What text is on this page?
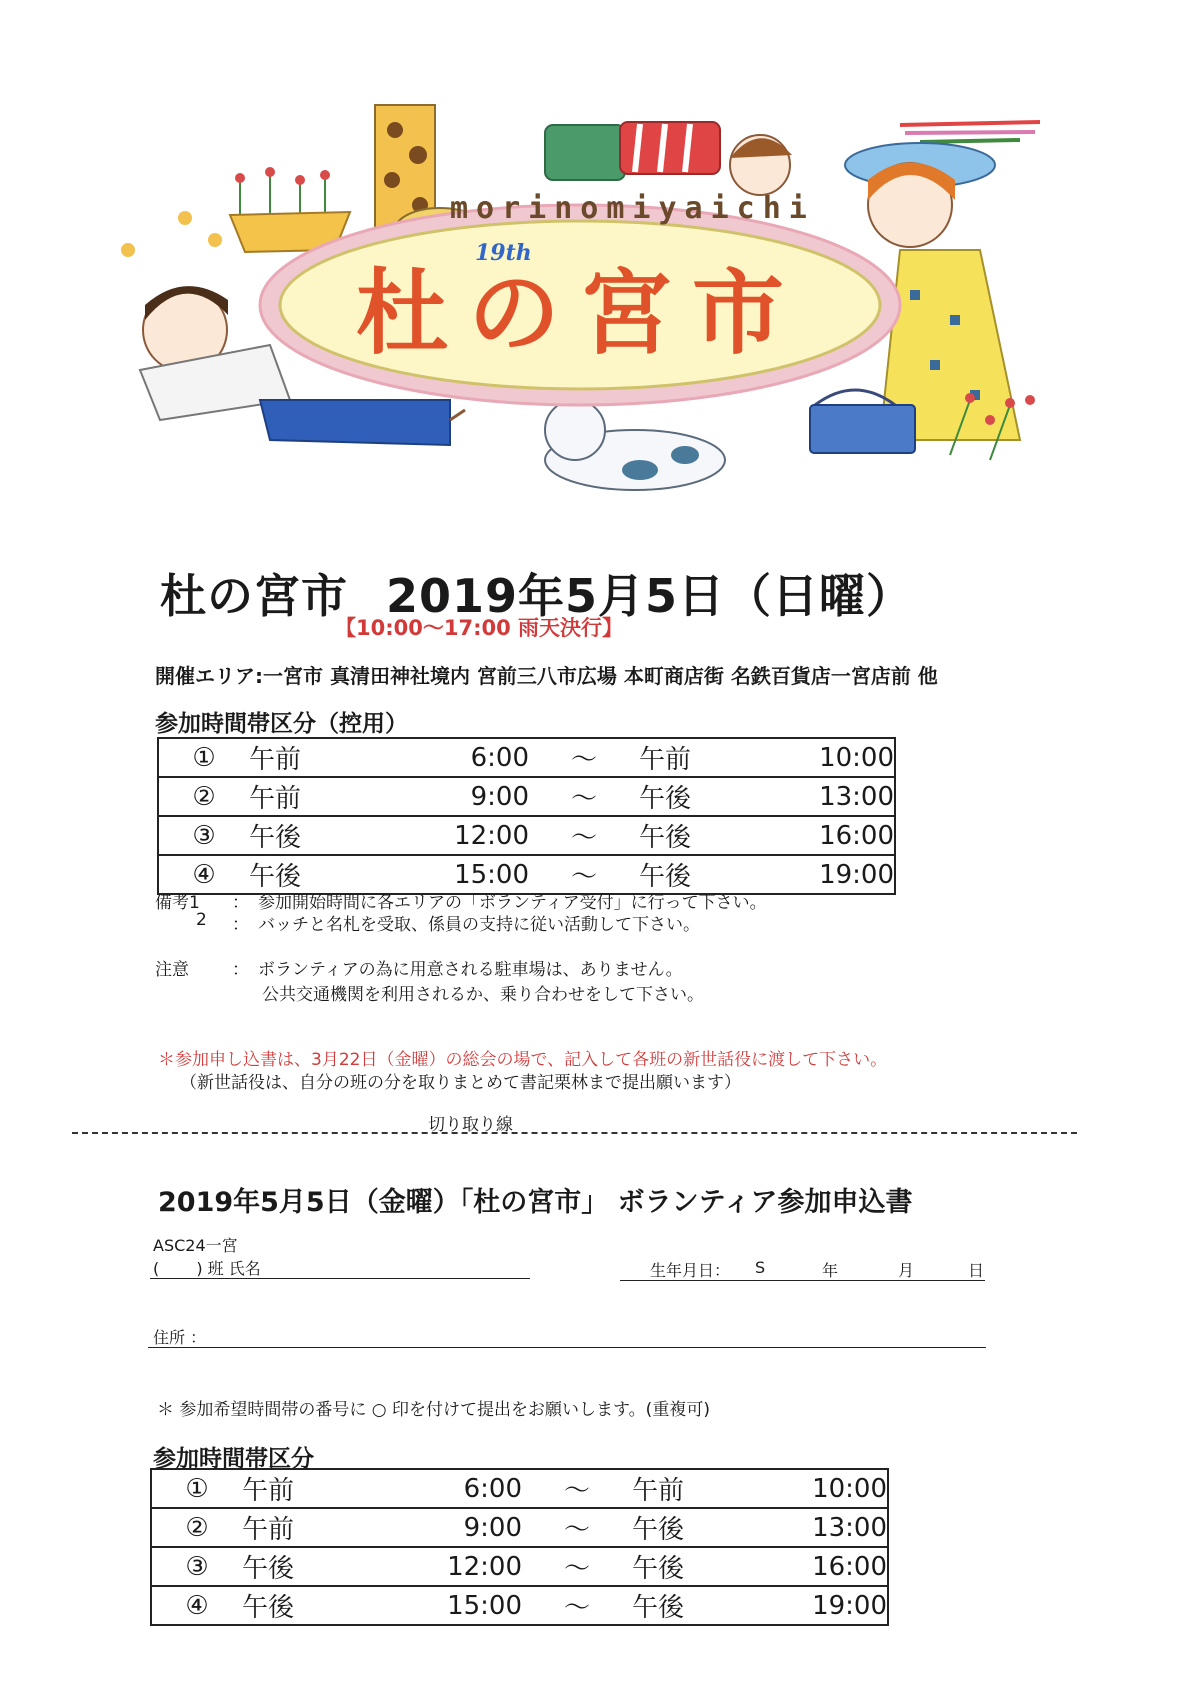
morinomiyaichi
19th
杜の宮市
杜の宮市 2019年5月5日（日曜）
【10:00～17:00 雨天決行】
開催エリア:一宮市 真清田神社境内 宮前三八市広場 本町商店街 名鉄百貨店一宮店前 他
参加時間帯区分（控用）
①	午前	6:00	～	午前	10:00
②	午前	9:00	～	午後	13:00
③	午後	12:00	～	午後	16:00
④	午後	15:00	～	午後	19:00
備考1 ： 参加開始時間に各エリアの「ボランティア受付」に行って下さい。
2 ： バッチと名札を受取、係員の支持に従い活動して下さい。
注意	： ボランティアの為に用意される駐車場は、ありません。
公共交通機関を利用されるか、乗り合わせをして下さい。
＊参加申し込書は、3月22日（金曜）の総会の場で、記入して各班の新世話役に渡して下さい。
（新世話役は、自分の班の分を取りまとめて書記栗林まで提出願います）
切り取り線
2019年5月5日（金曜）「杜の宮市」 ボランティア参加申込書
ASC24一宮
(　　 ) 班 氏名	生年月日： S	年	月	日
住所 ：
＊ 参加希望時間帯の番号に ○ 印を付けて提出をお願いします。(重複可)
参加時間帯区分
①	午前	6:00	～	午前	10:00
②	午前	9:00	～	午後	13:00
③	午後	12:00	～	午後	16:00
④	午後	15:00	～	午後	19:00
